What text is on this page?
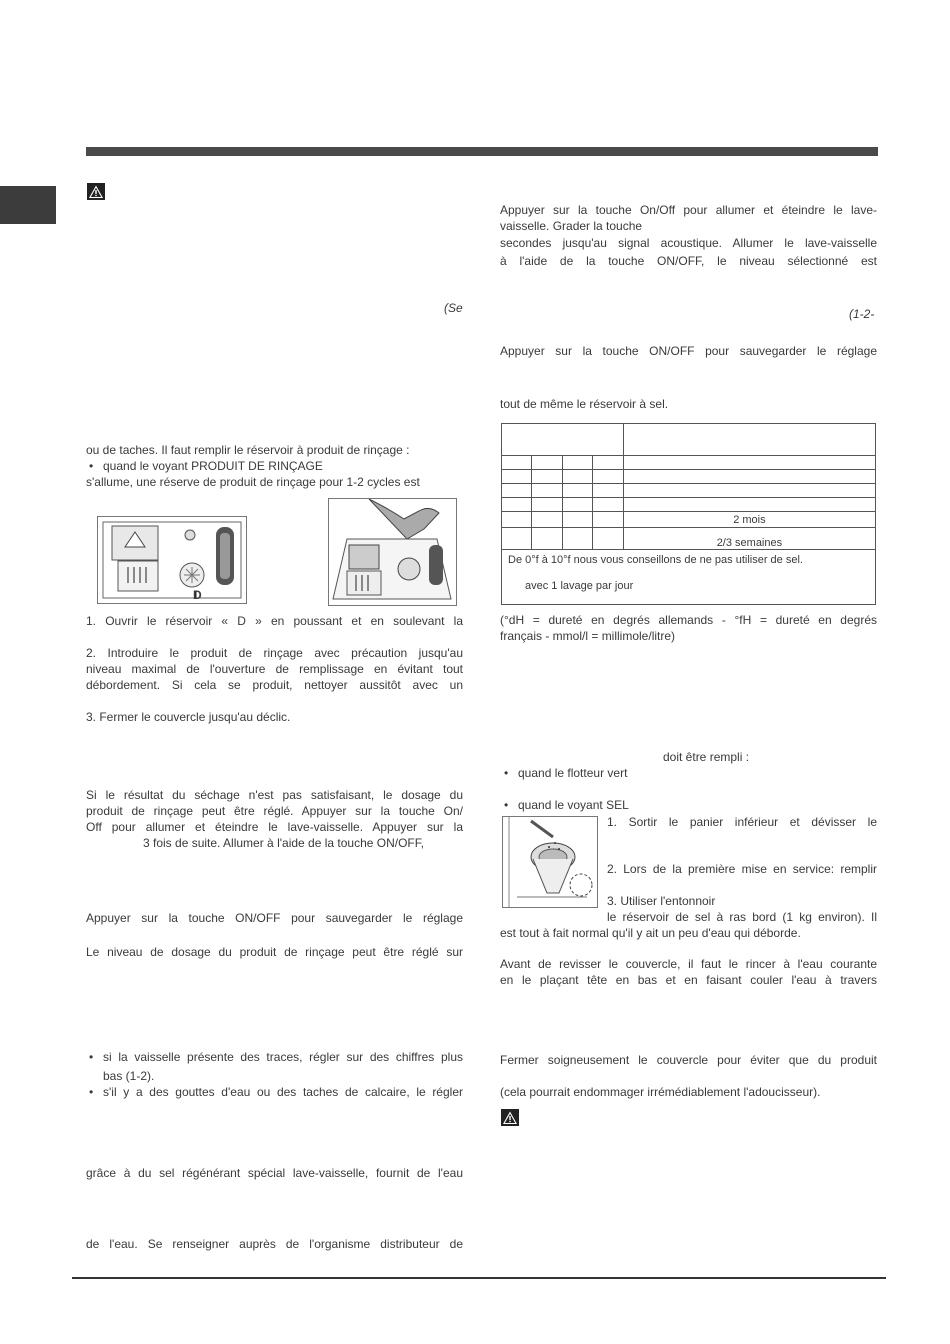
(Se
ou de taches. Il faut remplir le réservoir à produit de rinçage :
• quand le voyant PRODUIT DE RINÇAGE
s'allume, une réserve de produit de rinçage pour 1-2 cycles est
D
1. Ouvrir le réservoir « D » en poussant et en soulevant la
2. Introduire le produit de rinçage avec précaution jusqu'au
niveau maximal de l'ouverture de remplissage en évitant tout
débordement. Si cela se produit, nettoyer aussitôt avec un
3. Fermer le couvercle jusqu'au déclic.
Si le résultat du séchage n'est pas satisfaisant, le dosage du
produit de rinçage peut être réglé. Appuyer sur la touche On/
Off pour allumer et éteindre le lave-vaisselle. Appuyer sur la
3 fois de suite. Allumer à l'aide de la touche ON/OFF,
Appuyer sur la touche ON/OFF pour sauvegarder le réglage
Le niveau de dosage du produit de rinçage peut être réglé sur
• si la vaisselle présente des traces, régler sur des chiffres plus
bas (1-2).
• s'il y a des gouttes d'eau ou des taches de calcaire, le régler
grâce à du sel régénérant spécial lave-vaisselle, fournit de l'eau
de l'eau. Se renseigner auprès de l'organisme distributeur de
Appuyer sur la touche On/Off pour allumer et éteindre le lave-
vaisselle. Grader la touche
secondes jusqu'au signal acoustique. Allumer le lave-vaisselle
à l'aide de la touche ON/OFF, le niveau sélectionné est
(1-2-
Appuyer sur la touche ON/OFF pour sauvegarder le réglage
tout de même le réservoir à sel.

				2 mois
				2/3 semaines

De 0°f à 10°f nous vous conseillons de ne pas utiliser de sel.
avec 1 lavage par jour				
(°dH = dureté en degrés allemands - °fH = dureté en degrés
français - mmol/l = millimole/litre)
doit être rempli :
• quand le flotteur vert
• quand le voyant SEL
1. Sortir le panier inférieur et dévisser le
2. Lors de la première mise en service: remplir
3. Utiliser l'entonnoir
le réservoir de sel à ras bord (1 kg environ). Il
est tout à fait normal qu'il y ait un peu d'eau qui déborde.
Avant de revisser le couvercle, il faut le rincer à l'eau courante
en le plaçant tête en bas et en faisant couler l'eau à travers
Fermer soigneusement le couvercle pour éviter que du produit
(cela pourrait endommager irrémédiablement l'adoucisseur).
